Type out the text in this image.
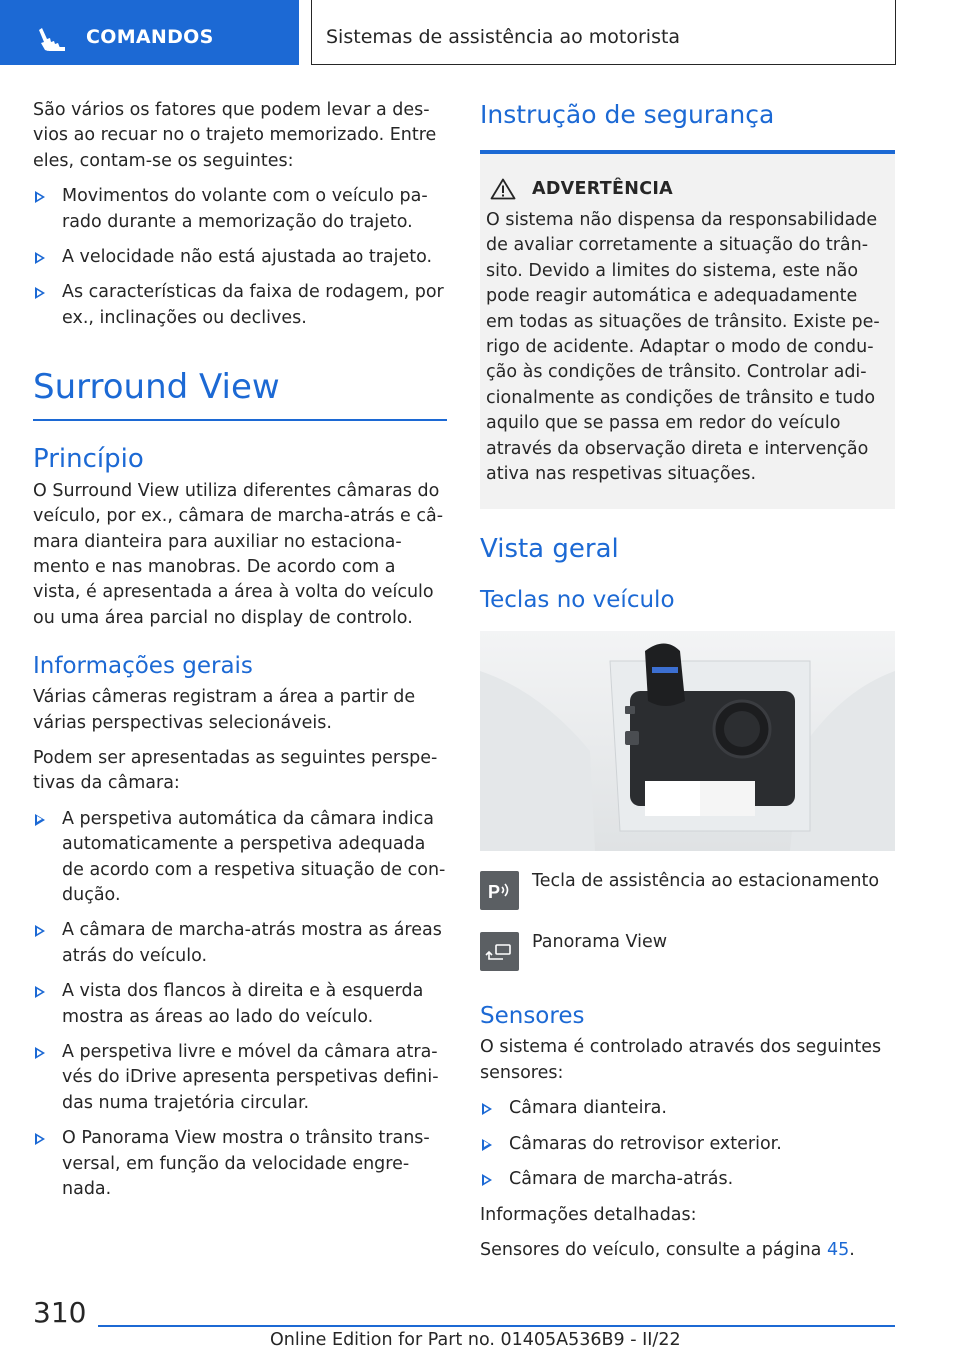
COMANDOS	Sistemas de assistência ao motorista

São vários os fatores que podem levar a des- vios ao recuar no o trajeto memorizado. Entre eles, contam-se os seguintes:

Movimentos do volante com o veículo pa- rado durante a memorização do trajeto.
A velocidade não está ajustada ao trajeto.
As características da faixa de rodagem, por ex., inclinações ou declives.
Surround View
Princípio

O Surround View utiliza diferentes câmaras do veículo, por ex., câmara de marcha-atrás e câ- mara dianteira para auxiliar no estaciona- mento e nas manobras. De acordo com a vista, é apresentada a área à volta do veículo ou uma área parcial no display de controlo.

Informações gerais

Várias câmeras registram a área a partir de várias perspectivas selecionáveis.

Podem ser apresentadas as seguintes perspe- tivas da câmara:

A perspetiva automática da câmara indica automaticamente a perspetiva adequada de acordo com a respetiva situação de con- dução.
A câmara de marcha-atrás mostra as áreas atrás do veículo.
A vista dos flancos à direita e à esquerda mostra as áreas ao lado do veículo.
A perspetiva livre e móvel da câmara atra- vés do iDrive apresenta perspetivas defini- das numa trajetória circular.
O Panorama View mostra o trânsito trans- versal, em função da velocidade engre- nada.
Instrução de segurança
ADVERTÊNCIA

O sistema não dispensa da responsabilidade de avaliar corretamente a situação do trân- sito. Devido a limites do sistema, este não pode reagir automática e adequadamente em todas as situações de trânsito. Existe pe- rigo de acidente. Adaptar o modo de condu- ção às condições de trânsito. Controlar adi- cionalmente as condições de trânsito e tudo aquilo que se passa em redor do veículo através da observação direta e intervenção ativa nas respetivas situações.

Vista geral
Teclas no veículo
P
Tecla de assistência ao estacionamento
Panorama View
Sensores

O sistema é controlado através dos seguintes sensores:

Câmara dianteira.
Câmaras do retrovisor exterior.
Câmara de marcha-atrás.

Informações detalhadas:

Sensores do veículo, consulte a página 45.

310
Online Edition for Part no. 01405A536B9 - II/22
